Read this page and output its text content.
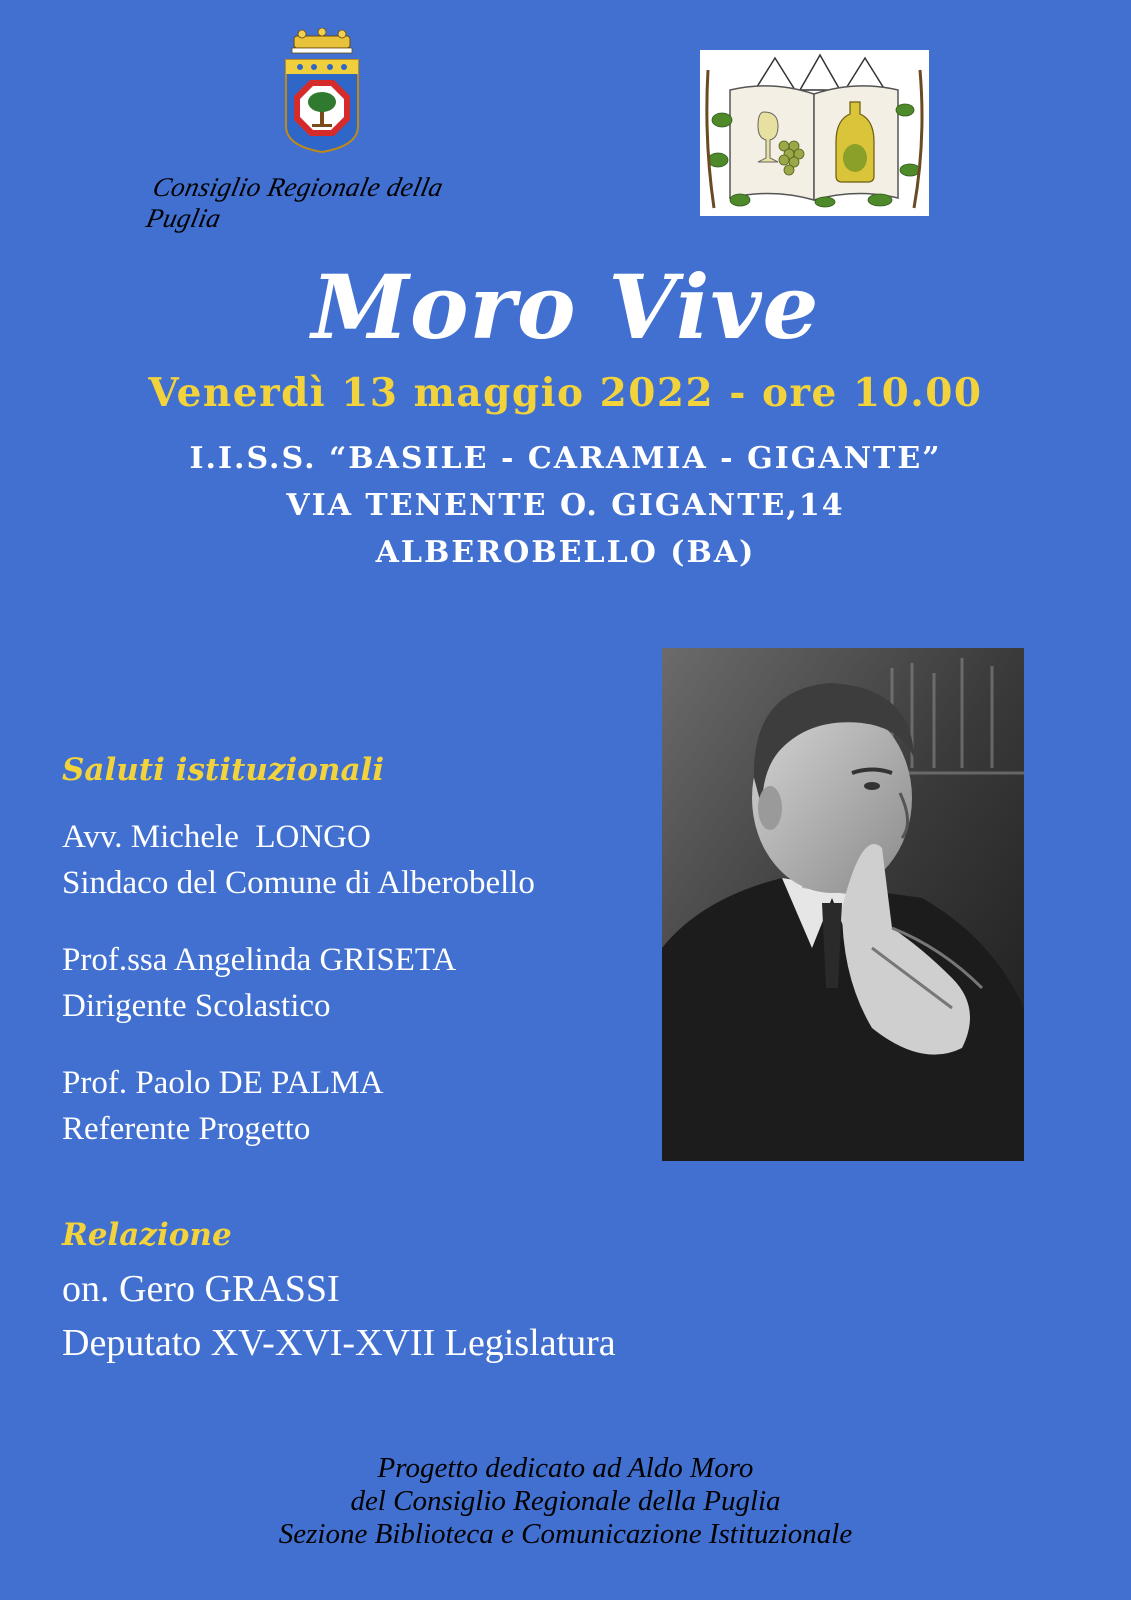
Consiglio Regionale della Puglia
Moro Vive
Venerdì 13 maggio 2022 - ore 10.00
I.I.S.S. “BASILE - CARAMIA - GIGANTE”
VIA TENENTE O. GIGANTE,14
ALBEROBELLO (BA)
Saluti istituzionali
Avv. Michele  LONGO
Sindaco del Comune di Alberobello
Prof.ssa Angelinda GRISETA
Dirigente Scolastico
Prof. Paolo DE PALMA
Referente Progetto
Relazione
on. Gero GRASSI
Deputato XV-XVI-XVII Legislatura
Progetto dedicato ad Aldo Moro
del Consiglio Regionale della Puglia
Sezione Biblioteca e Comunicazione Istituzionale
